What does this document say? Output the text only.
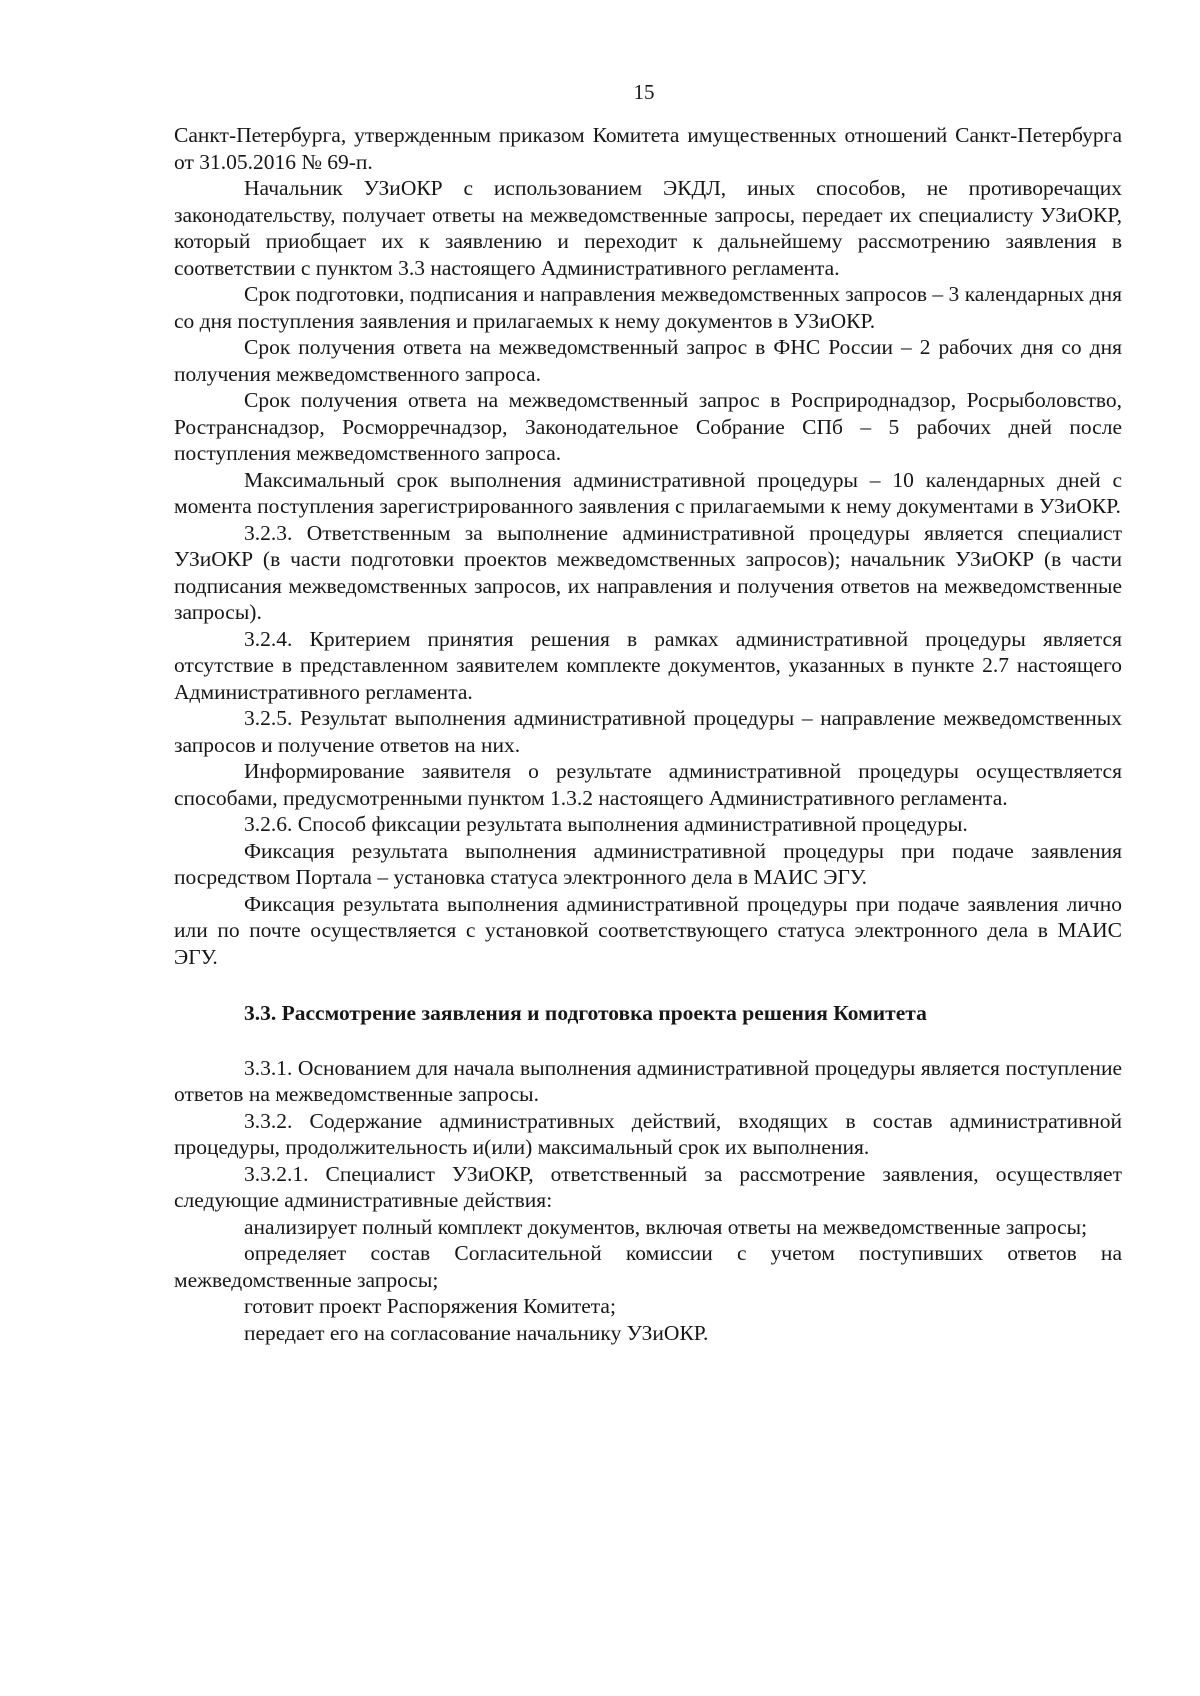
15

Санкт-Петербурга, утвержденным приказом Комитета имущественных отношений Санкт-Петербурга от 31.05.2016 № 69-п.

Начальник УЗиОКР с использованием ЭКДЛ, иных способов, не противоречащих законодательству, получает ответы на межведомственные запросы, передает их специалисту УЗиОКР, который приобщает их к заявлению и переходит к дальнейшему рассмотрению заявления в соответствии с пунктом 3.3 настоящего Административного регламента.

Срок подготовки, подписания и направления межведомственных запросов – 3 календарных дня со дня поступления заявления и прилагаемых к нему документов в УЗиОКР.

Срок получения ответа на межведомственный запрос в ФНС России – 2 рабочих дня со дня получения межведомственного запроса.

Срок получения ответа на межведомственный запрос в Росприроднадзор, Росрыболовство, Ространснадзор, Росморречнадзор, Законодательное Собрание СПб – 5 рабочих дней после поступления межведомственного запроса.

Максимальный срок выполнения административной процедуры – 10 календарных дней с момента поступления зарегистрированного заявления с прилагаемыми к нему документами в УЗиОКР.

3.2.3. Ответственным за выполнение административной процедуры является специалист УЗиОКР (в части подготовки проектов межведомственных запросов); начальник УЗиОКР (в части подписания межведомственных запросов, их направления и получения ответов на межведомственные запросы).

3.2.4. Критерием принятия решения в рамках административной процедуры является отсутствие в представленном заявителем комплекте документов, указанных в пункте 2.7 настоящего Административного регламента.

3.2.5. Результат выполнения административной процедуры – направление межведомственных запросов и получение ответов на них.

Информирование заявителя о результате административной процедуры осуществляется способами, предусмотренными пунктом 1.3.2 настоящего Административного регламента.

3.2.6. Способ фиксации результата выполнения административной процедуры.

Фиксация результата выполнения административной процедуры при подаче заявления посредством Портала – установка статуса электронного дела в МАИС ЭГУ.

Фиксация результата выполнения административной процедуры при подаче заявления лично или по почте осуществляется с установкой соответствующего статуса электронного дела в МАИС ЭГУ.

3.3. Рассмотрение заявления и подготовка проекта решения Комитета

3.3.1. Основанием для начала выполнения административной процедуры является поступление ответов на межведомственные запросы.

3.3.2. Содержание административных действий, входящих в состав административной процедуры, продолжительность и(или) максимальный срок их выполнения.

3.3.2.1. Специалист УЗиОКР, ответственный за рассмотрение заявления, осуществляет следующие административные действия:

анализирует полный комплект документов, включая ответы на межведомственные запросы;

определяет состав Согласительной комиссии с учетом поступивших ответов на межведомственные запросы;

готовит проект Распоряжения Комитета;

передает его на согласование начальнику УЗиОКР.
